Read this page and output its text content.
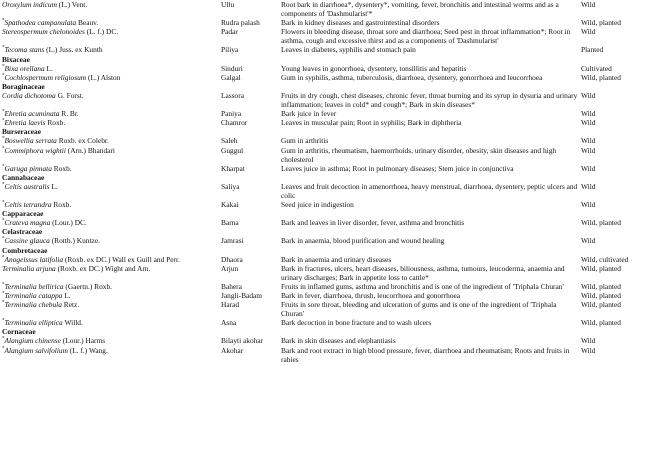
Oroxylum indicum (L.) Vent.	Ullu	Root bark in diarrhoea*, dysentery*, vomiting, fever, bronchitis and intestinal worms and as a components of 'Dashmularist'*	Wild
*Spathodea campanulata Beauv.	Rudra palash	Bark in kidney diseases and gastrointestinal disorders	Wild, planted
Stereospermum chelonoides (L. f.) DC.	Padar	Flowers in bleeding disease, throat sore and diarrhoea; Seed pest in throat inflammation*; Root in asthma, cough and excessive thirst and as a components of 'Dashmularist'	Wild
*Tecoma stans (L.) Juss. ex Kunth	Piliya	Leaves in diabetes, syphilis and stomach pain	Planted
Bixaceae			
*Bixa orellana L.	Sinduri	Young leaves in gonorrhoea, dysentery, tonsillitis and hepatitis	Cultivated
*Cochlospermum religiosum (L.) Alston	Galgal	Gum in syphilis, asthma, tuberculosis, diarrhoea, dysentery, gonorrhoea and leucorrhoea	Wild, planted
Boraginaceae			
Cordia dichotoma G. Forst.	Lassora	Fruits in dry cough, chest diseases, chronic fever, throat burning and its syrup in dysuria and urinary inflammation; leaves in cold* and cough*; Bark in skin diseases*	Wild
*Ehretia acuminata R. Br.	Paniya	Bark juice in fever	Wild
*Ehretia laevis Roxb.	Chamror	Leaves in muscular pain; Root in syphilis; Bark in diphtheria	Wild
Burseraceae			
*Boswellia serrata Roxb. ex Colebr.	Saleh	Gum in arthritis	Wild
*Commiphora wightii (Arn.) Bhandari	Guggul	Gum in arthritis, rheumatism, haemorrhoids, urinary disorder, obesity, skin diseases and high cholesterol	Wild
*Garuga pinnata Roxb.	Kharpat	Leaves juice in asthma; Root in pulmonary diseases; Stem juice in conjunctiva	Wild
Cannabaceae			
*Celtis australis L.	Saliya	Leaves and fruit decoction in amenorrhoea, heavy menstrual, diarrhoea, dysentery, peptic ulcers and colic	Wild
*Celtis tetrandra Roxb.	Kakai	Seed juice in indigestion	Wild
Capparaceae			
*Crateva magna (Lour.) DC.	Barna	Bark and leaves in liver disorder, fever, asthma and bronchitis	Wild, planted
Celastraceae			
*Cassine glauca (Rottb.) Kuntze.	Jamrasi	Bark in anaemia, blood purification and wound healing	Wild
Combretaceae			
*Anogeissus latifolia (Roxb. ex DC.) Wall ex Guill and Perr.	Dhaora	Bark in anaemia and urinary diseases	Wild, cultivated
Terminalia arjuna (Roxb. ex DC.) Wight and Arn.	Arjun	Bark in fractures, ulcers, heart diseases, biliousness, asthma, tumours, leucoderma, anaemia and urinary discharges; Bark in appetite loss to cattle*	Wild, planted
*Terminalia bellirica (Gaertn.) Roxb.	Bahera	Fruits in inflamed gums, asthma and bronchitis and is one of the ingredient of 'Triphala Churan'	Wild, planted
*Terminalia catappa L.	Jangli-Badam	Bark in fever, diarrhoea, thrush, leucorrhoea and gonorrhoea	Wild, planted
*Terminalia chebula Retz.	Harad	Fruits in sore throat, bleeding and ulceration of gums and is one of the ingredient of 'Triphala Churan'	Wild, planted
*Terminalia elliptica Willd.	Asna	Bark decoction in bone fracture and to wash ulcers	Wild, planted
Cornaceae			
*Alangium chinense (Lour.) Harms	Bilayti akohar	Bark in skin diseases and elephantiasis	Wild
*Alangium salvifolium (L. f.) Wang.	Akohar	Bark and root extract in high blood pressure, fever, diarrhoea and rheumatism; Roots and fruits in rabies	Wild
